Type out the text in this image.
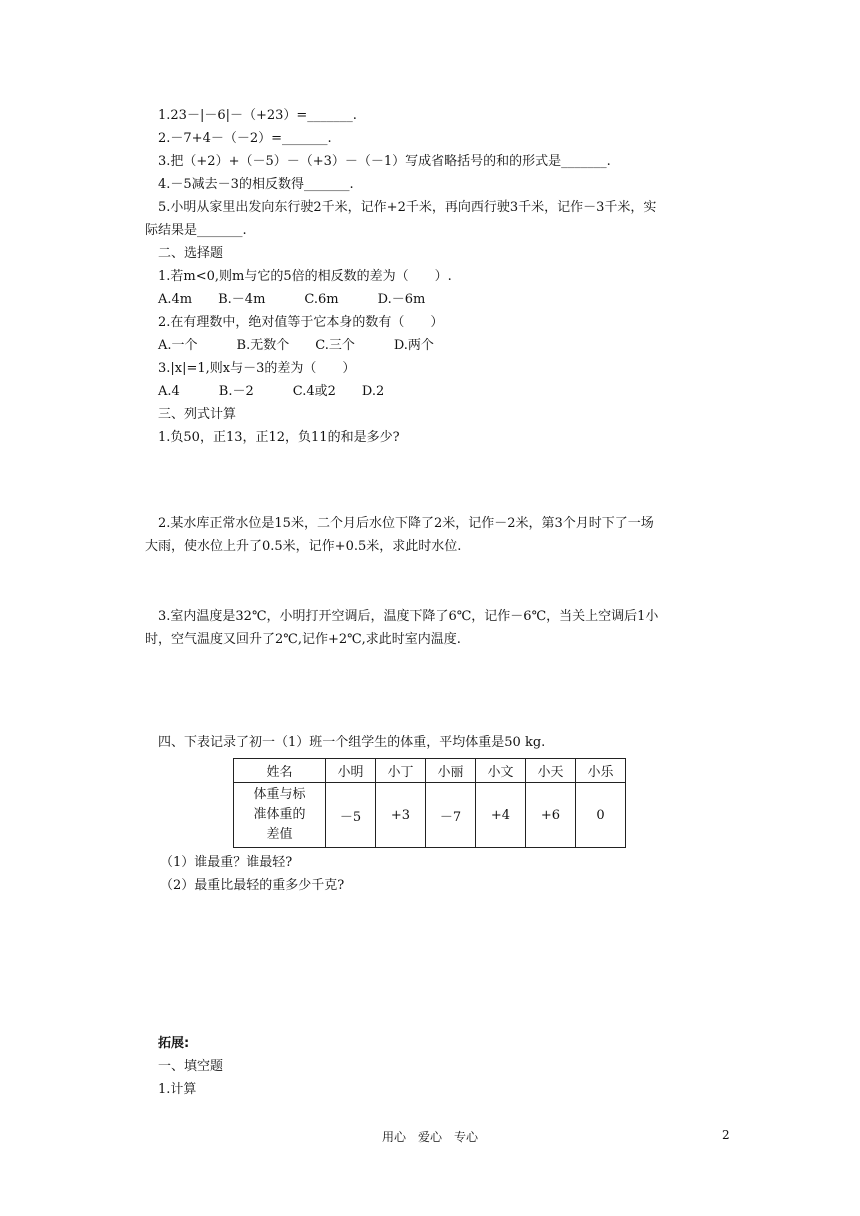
1.23－|－6|－（+23）=_______.
2.－7+4－（－2）=_______.
3.把（+2）+（－5）－（+3）－（－1）写成省略括号的和的形式是_______.
4.－5减去－3的相反数得_______.
5.小明从家里出发向东行驶2千米，记作+2千米，再向西行驶3千米，记作－3千米，实
际结果是_______.
二、选择题
1.若m<0,则m与它的5倍的相反数的差为（　　）.
A.4m　　B.－4m　　　C.6m　　　D.－6m
2.在有理数中，绝对值等于它本身的数有（　　）
A.一个　　　B.无数个　　C.三个　　　D.两个
3.|x|=1,则x与－3的差为（　　）
A.4　　　B.－2　　　C.4或2　　D.2
三、列式计算
1.负50，正13，正12，负11的和是多少?
2.某水库正常水位是15米，二个月后水位下降了2米，记作－2米，第3个月时下了一场
大雨，使水位上升了0.5米，记作+0.5米，求此时水位.
3.室内温度是32℃，小明打开空调后，温度下降了6℃，记作－6℃，当关上空调后1小
时，空气温度又回升了2℃,记作+2℃,求此时室内温度.
四、下表记录了初一（1）班一个组学生的体重，平均体重是50 kg.
姓名	小明	小丁	小丽	小文	小天	小乐

体重与标
准体重的
差值	－5	+3	－7	+4	+6	0
（1）谁最重？谁最轻?
（2）最重比最轻的重多少千克?
拓展:
一、填空题
1.计算
用心　爱心　专心	2
